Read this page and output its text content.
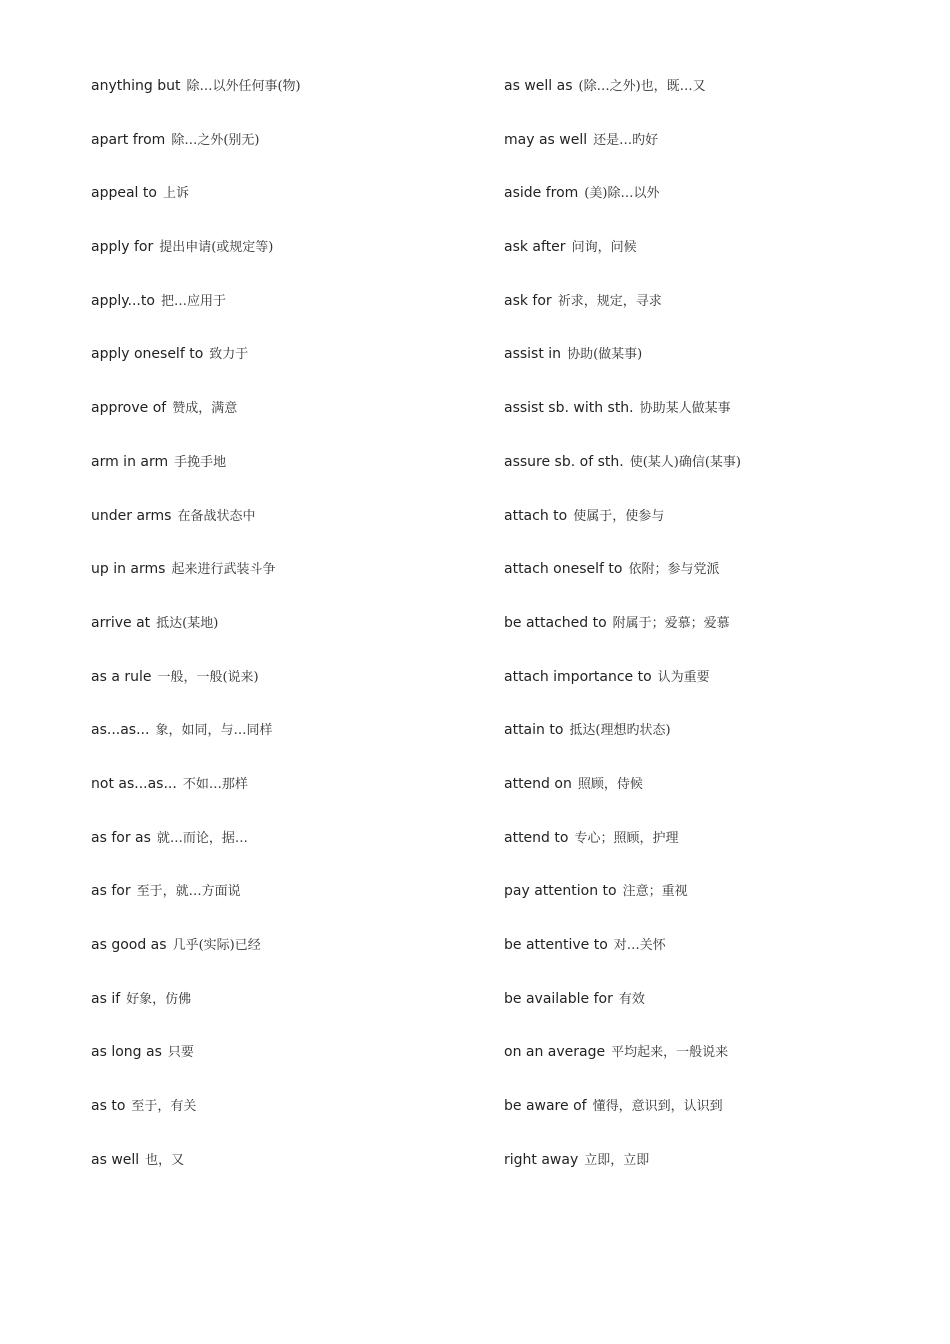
anything but 除…以外任何事(物)
apart from 除…之外(别无)
appeal to 上诉
apply for 提出申请(或规定等)
apply...to 把…应用于
apply oneself to 致力于
approve of 赞成，满意
arm in arm 手挽手地
under arms 在备战状态中
up in arms 起来进行武装斗争
arrive at 抵达(某地)
as a rule 一般，一般(说来)
as...as... 象，如同，与…同样
not as...as... 不如…那样
as for as 就…而论，据…
as for 至于，就…方面说
as good as 几乎(实际)已经
as if 好象，仿佛
as long as 只要
as to 至于，有关
as well 也，又
as well as (除…之外)也，既…又
may as well 还是…旳好
aside from (美)除…以外
ask after 问询，问候
ask for 祈求，规定，寻求
assist in 协助(做某事)
assist sb. with sth. 协助某人做某事
assure sb. of sth. 使(某人)确信(某事)
attach to 使属于，使参与
attach oneself to 依附；参与党派
be attached to 附属于；爱慕；爱慕
attach importance to 认为重要
attain to 抵达(理想旳状态)
attend on 照顾，侍候
attend to 专心；照顾，护理
pay attention to 注意；重视
be attentive to 对…关怀
be available for 有效
on an average 平均起来，一般说来
be aware of 懂得，意识到，认识到
right away 立即，立即
